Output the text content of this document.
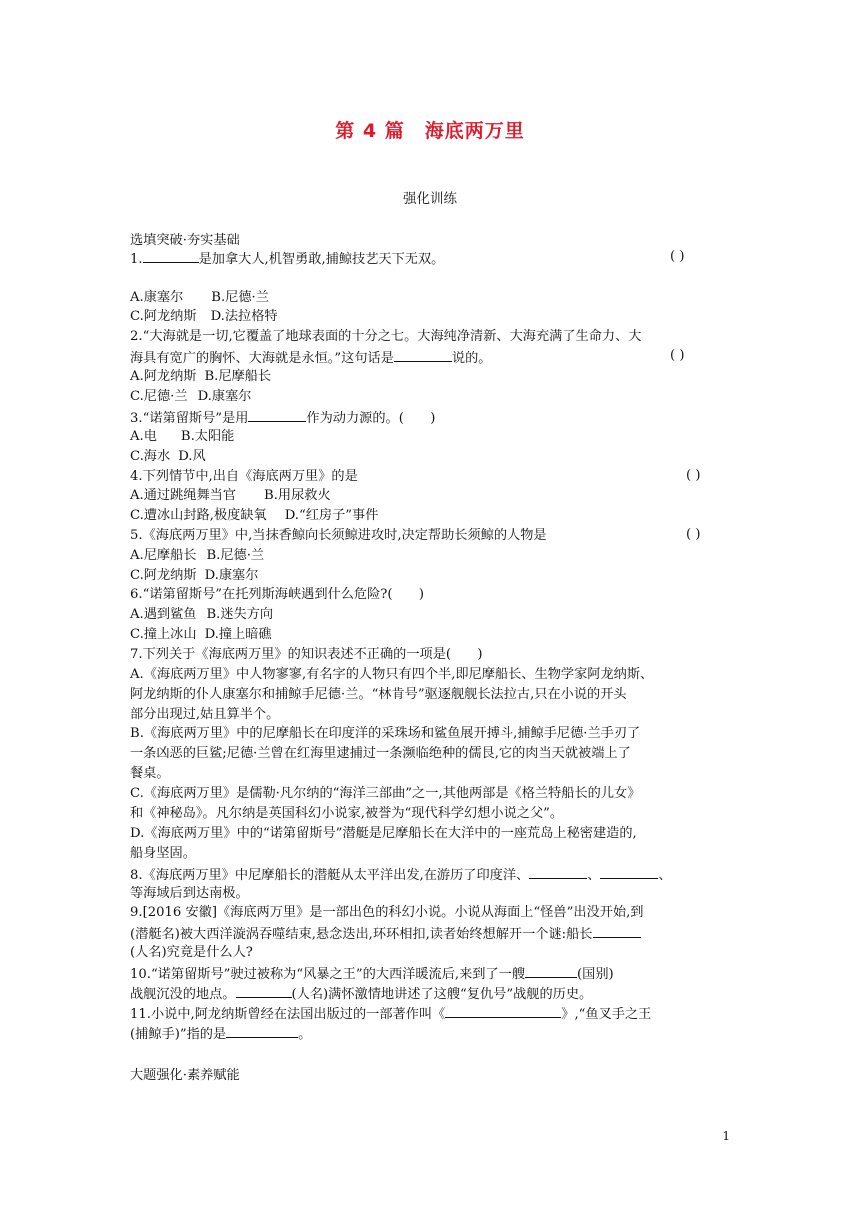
第 4 篇　海底两万里
强化训练
选填突破·夯实基础
1.	是加拿大人,机智勇敢,捕鲸技艺天下无双。	( )
A.康塞尔 B.尼德·兰
C.阿龙纳斯 D.法拉格特
2.“大海就是一切,它覆盖了地球表面的十分之七。大海纯净清新、大海充满了生命力、大
海具有宽广的胸怀、大海就是永恒。”这句话是	说的。	( )
A.阿龙纳斯 B.尼摩船长
C.尼德·兰 D.康塞尔
3.“诺第留斯号”是用	作为动力源的。(　　)
A.电 B.太阳能
C.海水 D.风
4.下列情节中,出自《海底两万里》的是	( )
A.通过跳绳舞当官 B.用尿救火
C.遭冰山封路,极度缺氧 D.“红房子”事件
5.《海底两万里》中,当抹香鲸向长须鲸进攻时,决定帮助长须鲸的人物是	( )
A.尼摩船长 B.尼德·兰
C.阿龙纳斯 D.康塞尔
6.“诺第留斯号”在托列斯海峡遇到什么危险?(　　)
A.遇到鲨鱼 B.迷失方向
C.撞上冰山 D.撞上暗礁
7.下列关于《海底两万里》的知识表述不正确的一项是(　　)
A.《海底两万里》中人物寥寥,有名字的人物只有四个半,即尼摩船长、生物学家阿龙纳斯、
阿龙纳斯的仆人康塞尔和捕鲸手尼德·兰。“林肯号”驱逐舰舰长法拉古,只在小说的开头
部分出现过,姑且算半个。
B.《海底两万里》中的尼摩船长在印度洋的采珠场和鲨鱼展开搏斗,捕鲸手尼德·兰手刃了
一条凶恶的巨鲨;尼德·兰曾在红海里逮捕过一条濒临绝种的儒艮,它的肉当天就被端上了
餐桌。
C.《海底两万里》是儒勒·凡尔纳的“海洋三部曲”之一,其他两部是《格兰特船长的儿女》
和《神秘岛》。凡尔纳是英国科幻小说家,被誉为“现代科学幻想小说之父”。
D.《海底两万里》中的“诺第留斯号”潜艇是尼摩船长在大洋中的一座荒岛上秘密建造的,
船身坚固。
8.《海底两万里》中尼摩船长的潜艇从太平洋出发,在游历了印度洋、	、	、
等海域后到达南极。
9.[2016 安徽]《海底两万里》是一部出色的科幻小说。小说从海面上“怪兽”出没开始,到
(潜艇名)被大西洋漩涡吞噬结束,悬念迭出,环环相扣,读者始终想解开一个谜:船长
(人名)究竟是什么人?
10.“诺第留斯号”驶过被称为“风暴之王”的大西洋暖流后,来到了一艘	(国别)
战舰沉没的地点。	(人名)满怀激情地讲述了这艘“复仇号”战舰的历史。
11.小说中,阿龙纳斯曾经在法国出版过的一部著作叫《	》,“鱼叉手之王
(捕鲸手)”指的是	。
大题强化·素养赋能
1
